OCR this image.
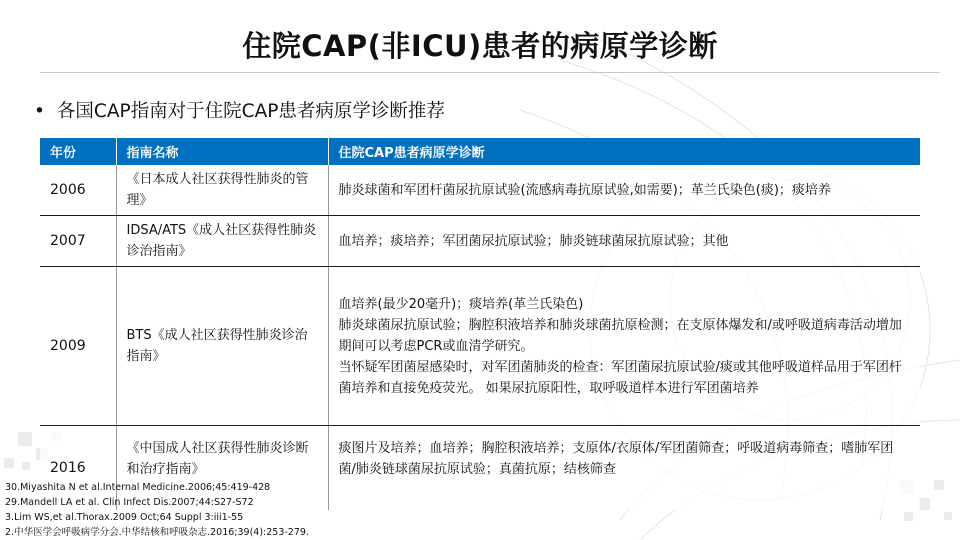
住院CAP(非ICU)患者的病原学诊断
• 各国CAP指南对于住院CAP患者病原学诊断推荐
年份	指南名称	住院CAP患者病原学诊断
2006	《日本成人社区获得性肺炎的管理》	肺炎球菌和军团杆菌尿抗原试验(流感病毒抗原试验,如需要)；革兰氏染色(痰)；痰培养

2007	IDSA/ATS《成人社区获得性肺炎诊治指南》	血培养；痰培养；军团菌尿抗原试验；肺炎链球菌尿抗原试验；其他

2009	BTS《成人社区获得性肺炎诊治指南》	血培养(最少20毫升)；痰培养(革兰氏染色)
肺炎球菌尿抗原试验；胸腔积液培养和肺炎球菌抗原检测；在支原体爆发和/或呼吸道病毒活动增加期间可以考虑PCR或血清学研究。
当怀疑军团菌屋感染时，对军团菌肺炎的检查：军团菌尿抗原试验/痰或其他呼吸道样品用于军团杆菌培养和直接免疫荧光。 如果尿抗原阳性，取呼吸道样本进行军团菌培养

2016	《中国成人社区获得性肺炎诊断和治疗指南》	痰图片及培养；血培养；胸腔积液培养；支原体/衣原体/军团菌筛查；呼吸道病毒筛查；嗜肺军团菌/肺炎链球菌尿抗原试验；真菌抗原；结核筛查
30.Miyashita N et al.Internal Medicine.2006;45:419-428
29.Mandell LA et al. Clin Infect Dis.2007;44:S27-S72
3.Lim WS,et al.Thorax.2009 Oct;64 Suppl 3:iii1-55
2.中华医学会呼吸病学分会.中华结核和呼吸杂志.2016;39(4):253-279.
